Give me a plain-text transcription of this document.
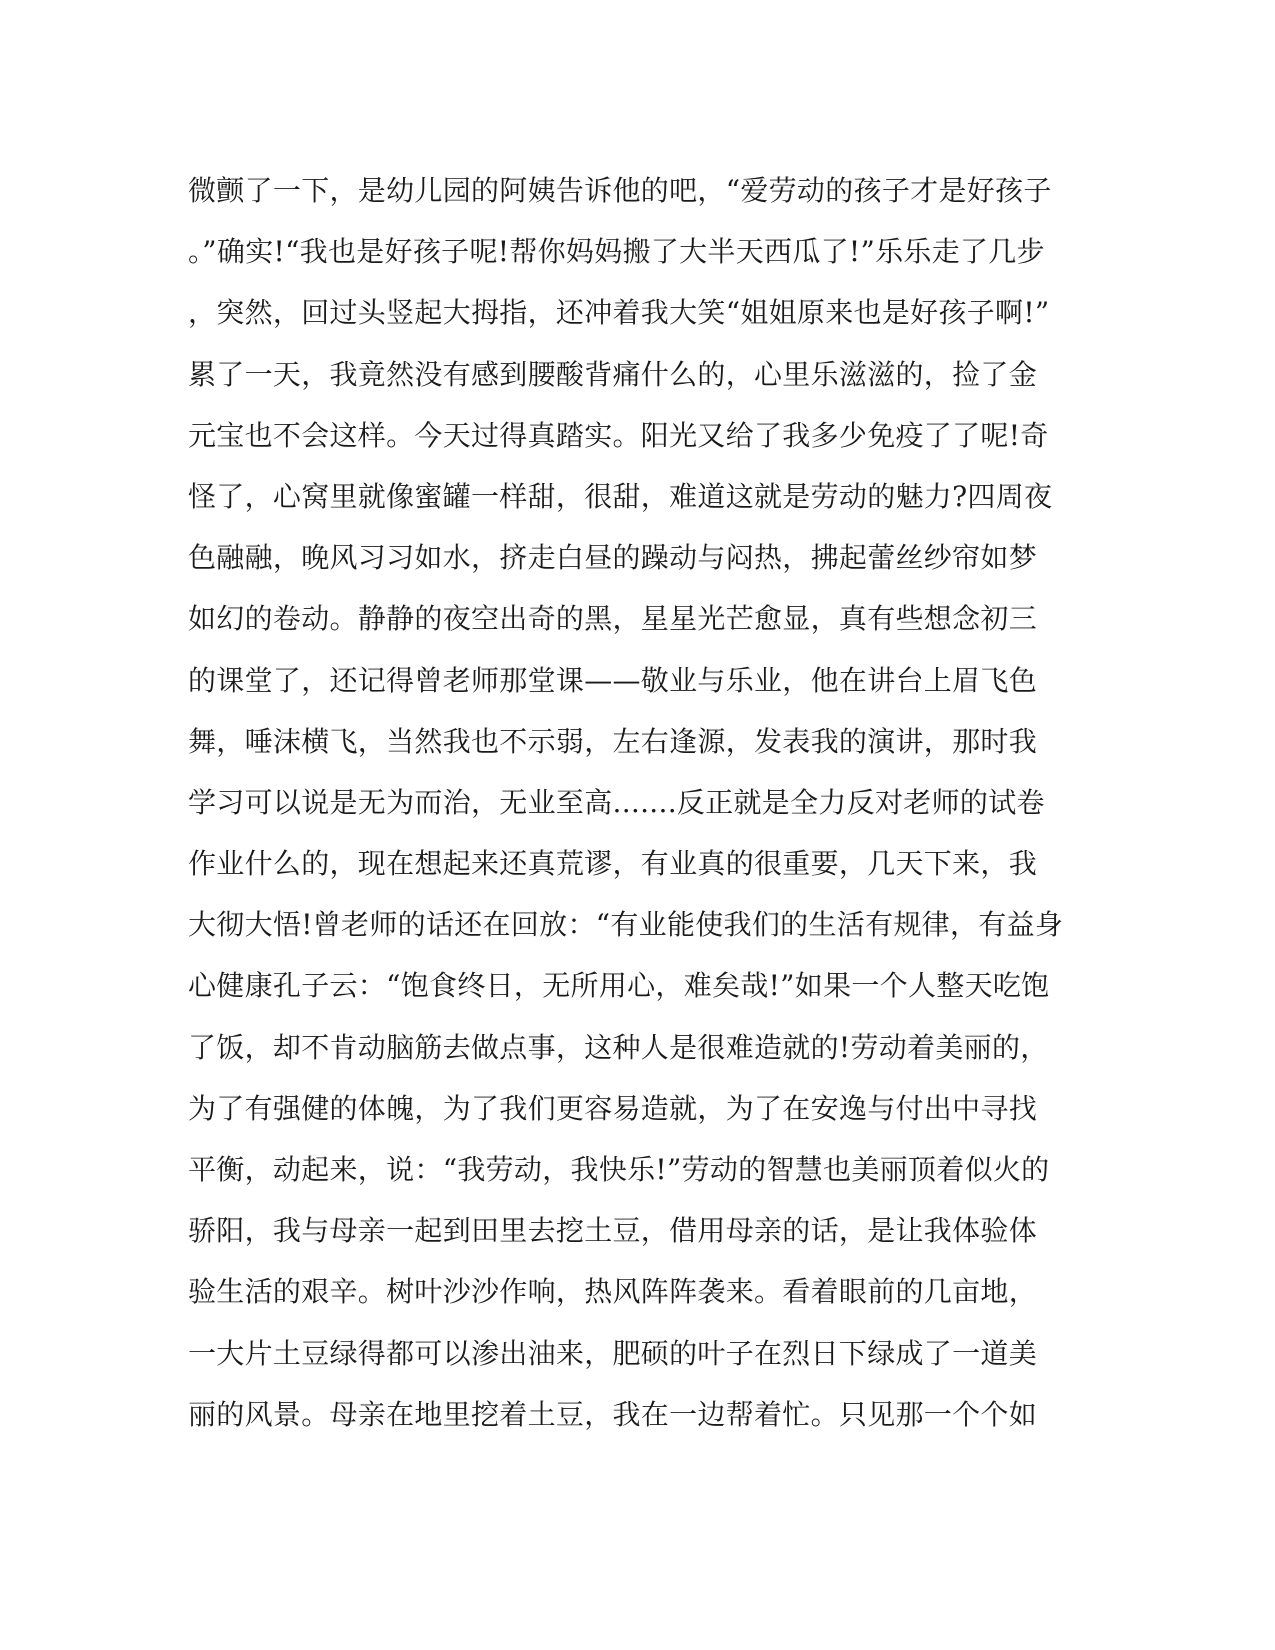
微颤了一下，是幼儿园的阿姨告诉他的吧，“爱劳动的孩子才是好孩子
。”确实!“我也是好孩子呢!帮你妈妈搬了大半天西瓜了!”乐乐走了几步
，突然，回过头竖起大拇指，还冲着我大笑“姐姐原来也是好孩子啊!”
累了一天，我竟然没有感到腰酸背痛什么的，心里乐滋滋的，捡了金
元宝也不会这样。今天过得真踏实。阳光又给了我多少免疫了了呢!奇
怪了，心窝里就像蜜罐一样甜，很甜，难道这就是劳动的魅力?四周夜
色融融，晚风习习如水，挤走白昼的躁动与闷热，拂起蕾丝纱帘如梦
如幻的卷动。静静的夜空出奇的黑，星星光芒愈显，真有些想念初三
的课堂了，还记得曾老师那堂课——敬业与乐业，他在讲台上眉飞色
舞，唾沫横飞，当然我也不示弱，左右逢源，发表我的演讲，那时我
学习可以说是无为而治，无业至高.......反正就是全力反对老师的试卷
作业什么的，现在想起来还真荒谬，有业真的很重要，几天下来，我
大彻大悟!曾老师的话还在回放：“有业能使我们的生活有规律，有益身
心健康孔子云：“饱食终日，无所用心，难矣哉!”如果一个人整天吃饱
了饭，却不肯动脑筋去做点事，这种人是很难造就的!劳动着美丽的，
为了有强健的体魄，为了我们更容易造就，为了在安逸与付出中寻找
平衡，动起来，说：“我劳动，我快乐!”劳动的智慧也美丽顶着似火的
骄阳，我与母亲一起到田里去挖土豆，借用母亲的话，是让我体验体
验生活的艰辛。树叶沙沙作响，热风阵阵袭来。看着眼前的几亩地，
一大片土豆绿得都可以渗出油来，肥硕的叶子在烈日下绿成了一道美
丽的风景。母亲在地里挖着土豆，我在一边帮着忙。只见那一个个如
